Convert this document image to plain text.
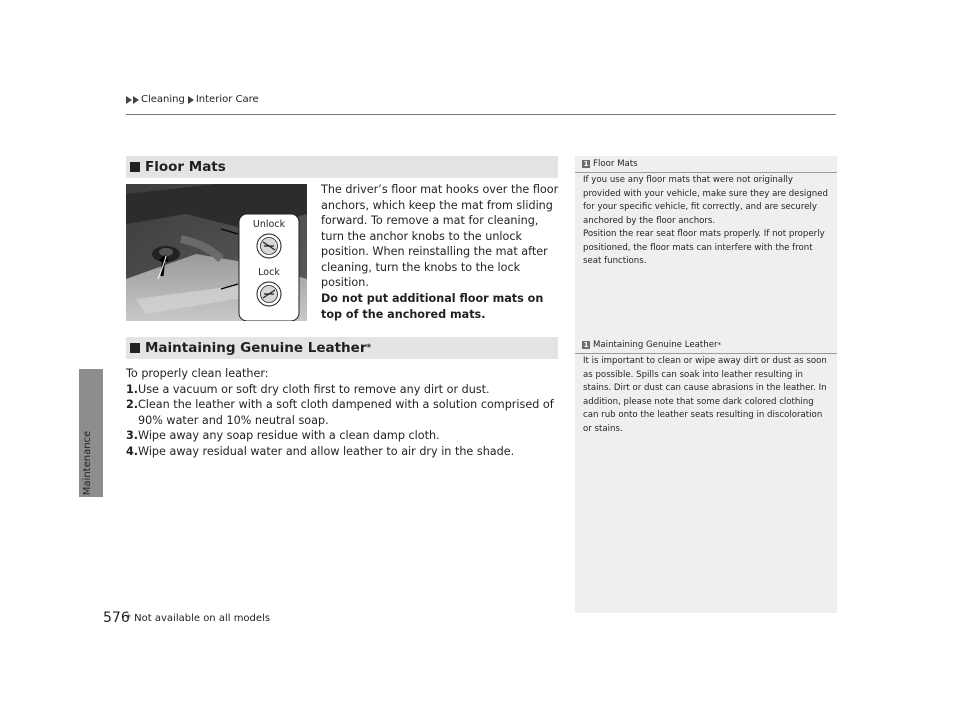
Cleaning Interior Care
Maintenance
Floor Mats
Unlock
Lock
The driver’s floor mat hooks over the floor anchors, which keep the mat from sliding forward. To remove a mat for cleaning, turn the anchor knobs to the unlock position. When reinstalling the mat after cleaning, turn the knobs to the lock position.
Do not put additional floor mats on top of the anchored mats.
Maintaining Genuine Leather *
To properly clean leather:
1. Use a vacuum or soft dry cloth first to remove any dirt or dust.
2. Clean the leather with a soft cloth dampened with a solution comprised of 90% water and 10% neutral soap.
3. Wipe away any soap residue with a clean damp cloth.
4. Wipe away residual water and allow leather to air dry in the shade.
1 Floor Mats
If you use any floor mats that were not originally provided with your vehicle, make sure they are designed for your specific vehicle, fit correctly, and are securely anchored by the floor anchors.
Position the rear seat floor mats properly. If not properly positioned, the floor mats can interfere with the front seat functions.
1 Maintaining Genuine Leather *
It is important to clean or wipe away dirt or dust as soon as possible. Spills can soak into leather resulting in stains. Dirt or dust can cause abrasions in the leather. In addition, please note that some dark colored clothing can rub onto the leather seats resulting in discoloration or stains.
576
* Not available on all models
